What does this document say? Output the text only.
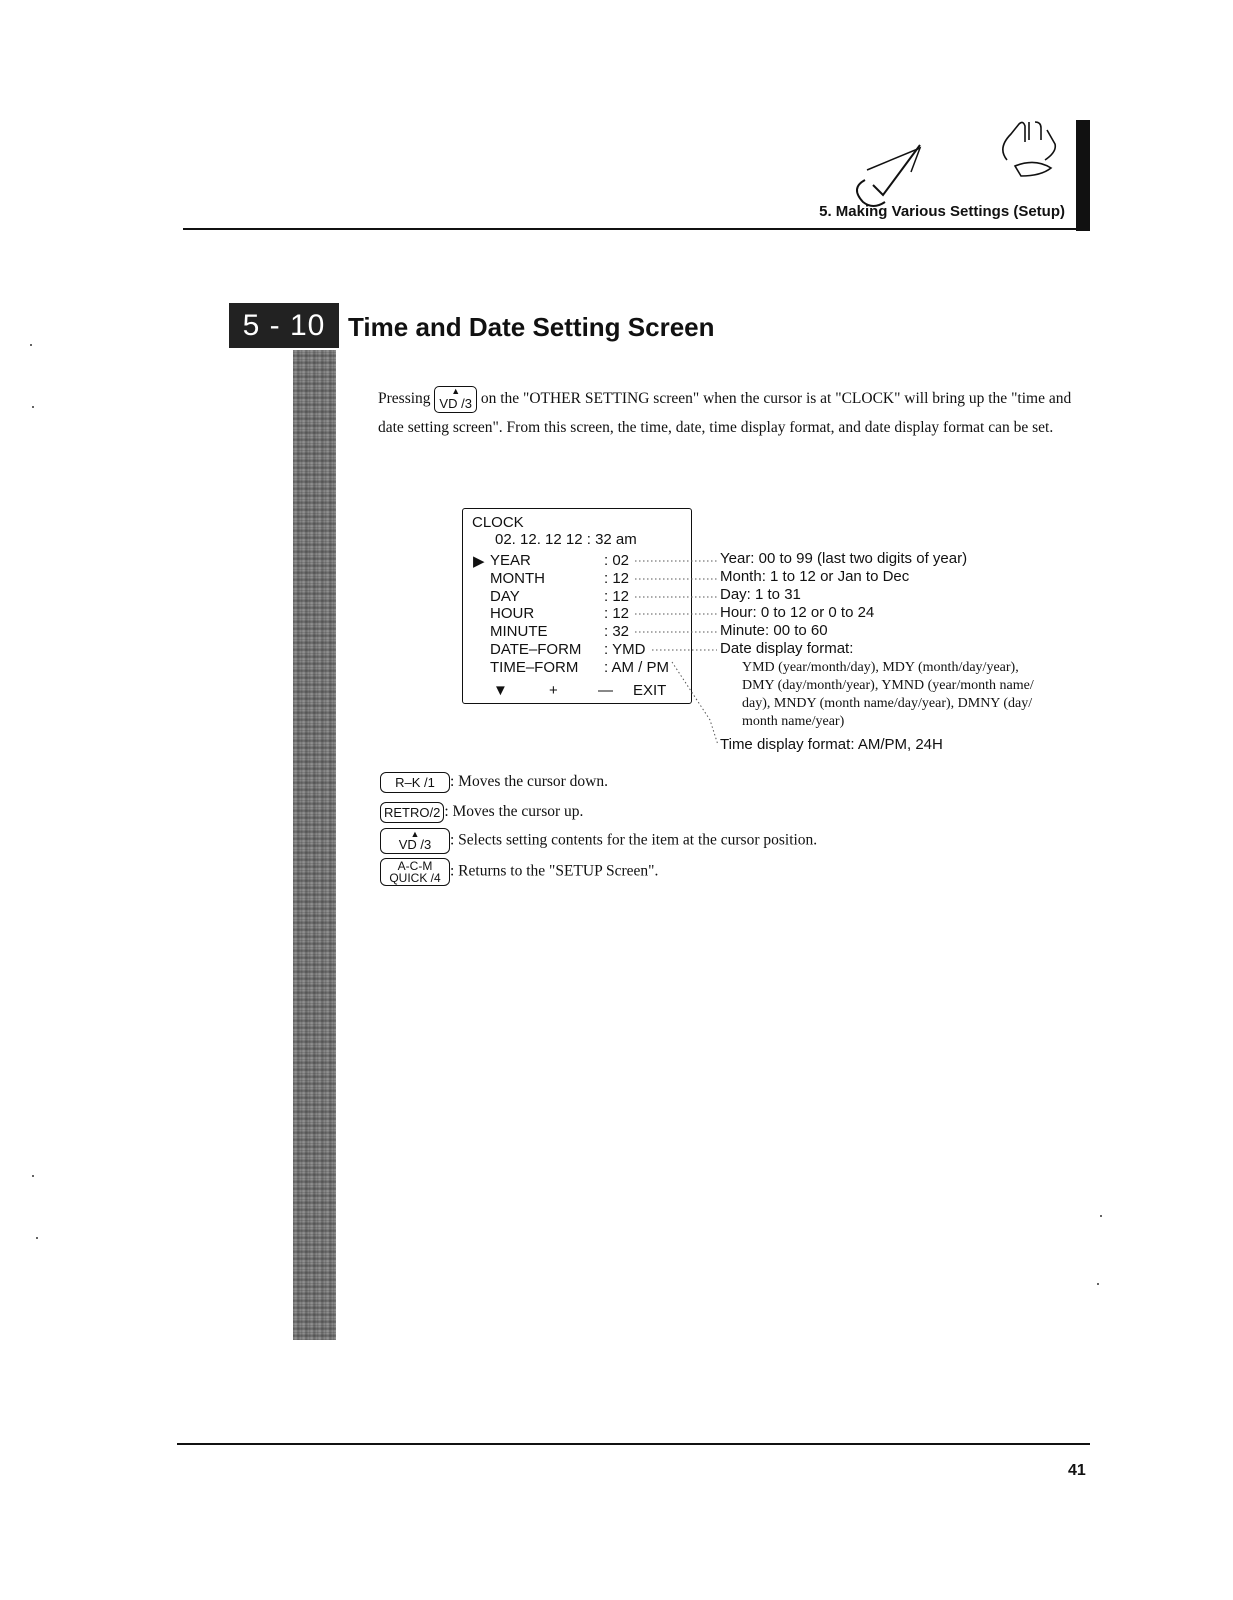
5. Making Various Settings (Setup)
5 - 10 Time and Date Setting Screen
Pressing	▲
VD /3 on the "OTHER SETTING screen" when the cursor is at "CLOCK" will bring up the "time and date setting screen". From this screen, the time, date, time display format, and date display format can be set.
CLOCK
02. 12. 12 12 : 32 am
▶ YEAR	: 02
MONTH	: 12
DAY	: 12
HOUR	: 12
MINUTE	: 32
DATE–FORM : YMD
TIME–FORM : AM / PM
▼	+	— EXIT
Year: 00 to 99 (last two digits of year)
Month: 1 to 12 or Jan to Dec
Day: 1 to 31
Hour: 0 to 12 or 0 to 24
Minute: 00 to 60
Date display format:
YMD (year/month/day), MDY (month/day/year),
DMY (day/month/year), YMND (year/month name/
day), MNDY (month name/day/year), DMNY (day/
month name/year)
Time display format: AM/PM, 24H
R–K /1 : Moves the cursor down.
RETRO/2 : Moves the cursor up.
▲
VD /3 : Selects setting contents for the item at the cursor position.
A-C-M
QUICK /4 : Returns to the "SETUP Screen".
41
